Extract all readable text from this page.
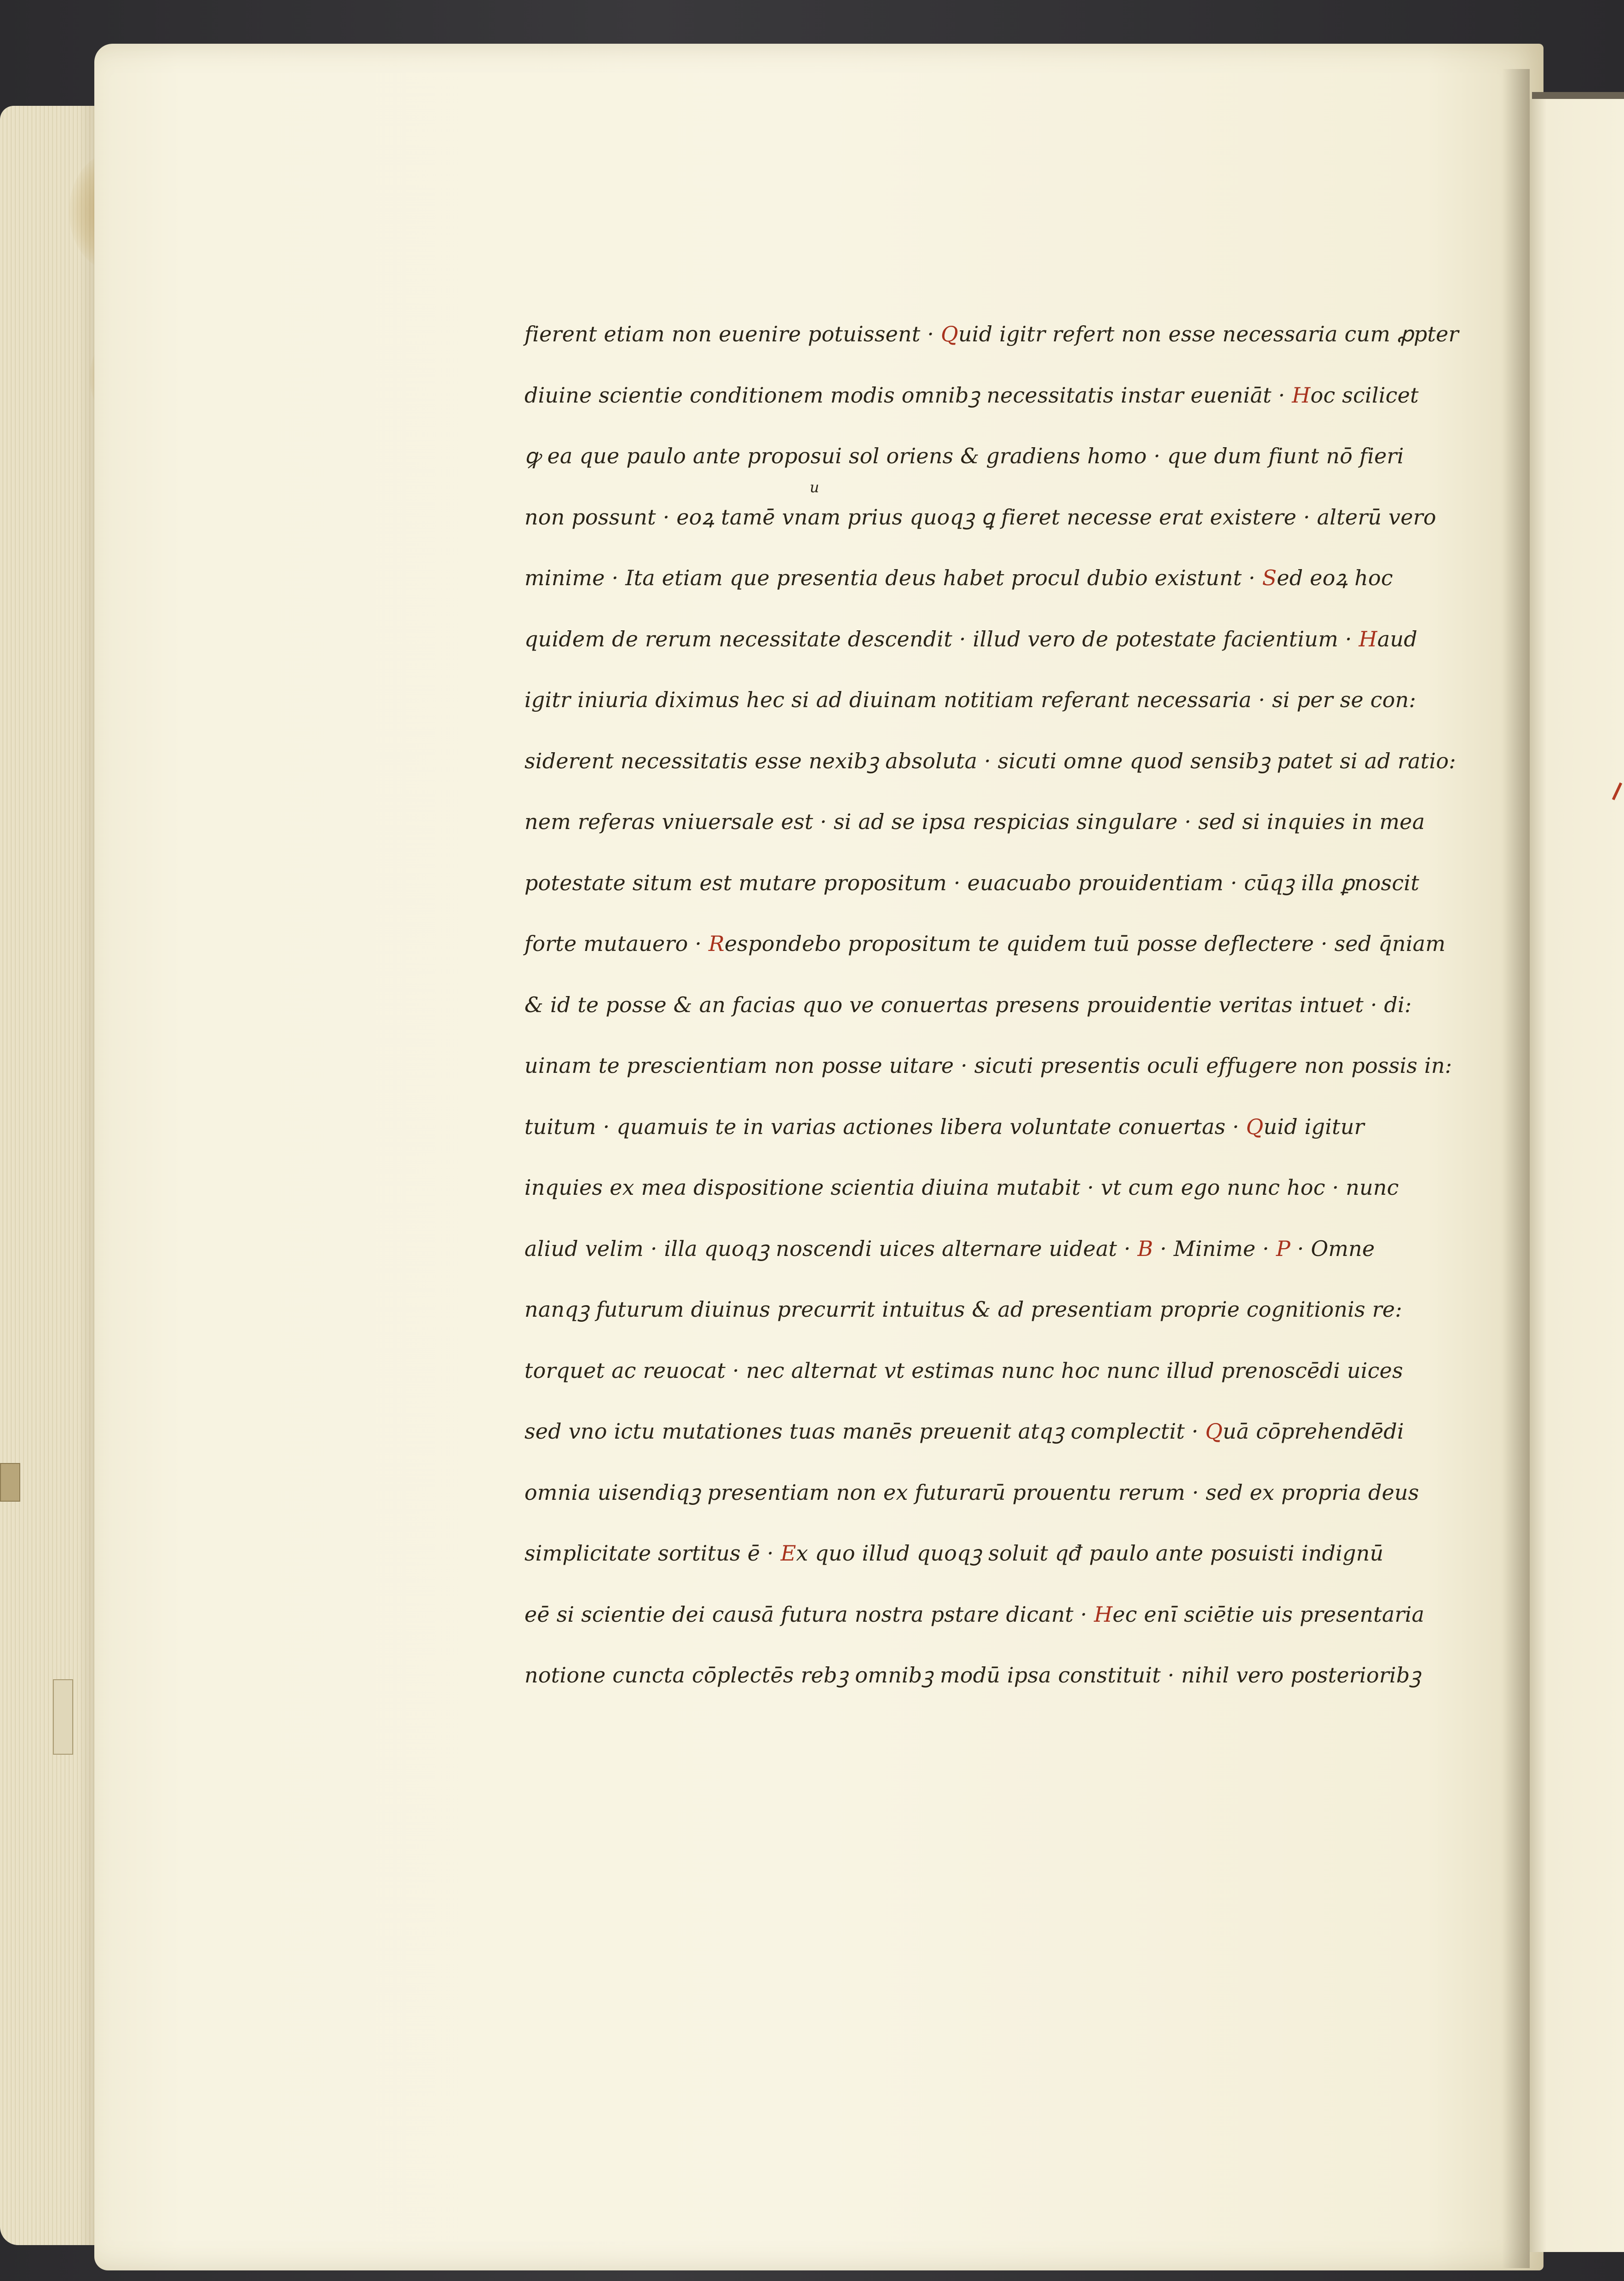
fierent etiam non euenire potuissent · Quid igitr refert non esse necessaria cum ꝓpter
diuine scientie conditionem modis omnibꝫ necessitatis instar eueniāt · Hoc scilicet
ꝙ ea que paulo ante proposui sol oriens & gradiens homo · que dum fiunt nō fieri
non possunt · eoꝝ tamē vnam prius quoqꝫ ꝗ fieret necesse erat existere · alterū vero
minime · Ita etiam que presentia deus habet procul dubio existunt · Sed eoꝝ hoc
quidem de rerum necessitate descendit · illud vero de potestate facientium · Haud
igitr iniuria diximus hec si ad diuinam notitiam referant necessaria · si per se con:
siderent necessitatis esse nexibꝫ absoluta · sicuti omne quod sensibꝫ patet si ad ratio:
nem referas vniuersale est · si ad se ipsa respicias singulare · sed si inquies in mea
potestate situm est mutare propositum · euacuabo prouidentiam · cūqꝫ illa ꝑnoscit
forte mutauero · Respondebo propositum te quidem tuū posse deflectere · sed q̄niam
& id te posse & an facias quo ve conuertas presens prouidentie veritas intuet · di:
uinam te prescientiam non posse uitare · sicuti presentis oculi effugere non possis in:
tuitum · quamuis te in varias actiones libera voluntate conuertas · Quid igitur
inquies ex mea dispositione scientia diuina mutabit · vt cum ego nunc hoc · nunc
aliud velim · illa quoqꝫ noscendi uices alternare uideat · B · Minime · P · Omne
nanqꝫ futurum diuinus precurrit intuitus & ad presentiam proprie cognitionis re:
torquet ac reuocat · nec alternat vt estimas nunc hoc nunc illud prenoscēdi uices
sed vno ictu mutationes tuas manēs preuenit atqꝫ complectit · Quā cōprehendēdi
omnia uisendiqꝫ presentiam non ex futurarū prouentu rerum · sed ex propria deus
simplicitate sortitus ē · Ex quo illud quoqꝫ soluit qđ paulo ante posuisti indignū
eē si scientie dei causā futura nostra pstare dicant · Hec enī sciētie uis presentaria
notione cuncta cōplectēs rebꝫ omnibꝫ modū ipsa constituit · nihil vero posterioribꝫ
u
